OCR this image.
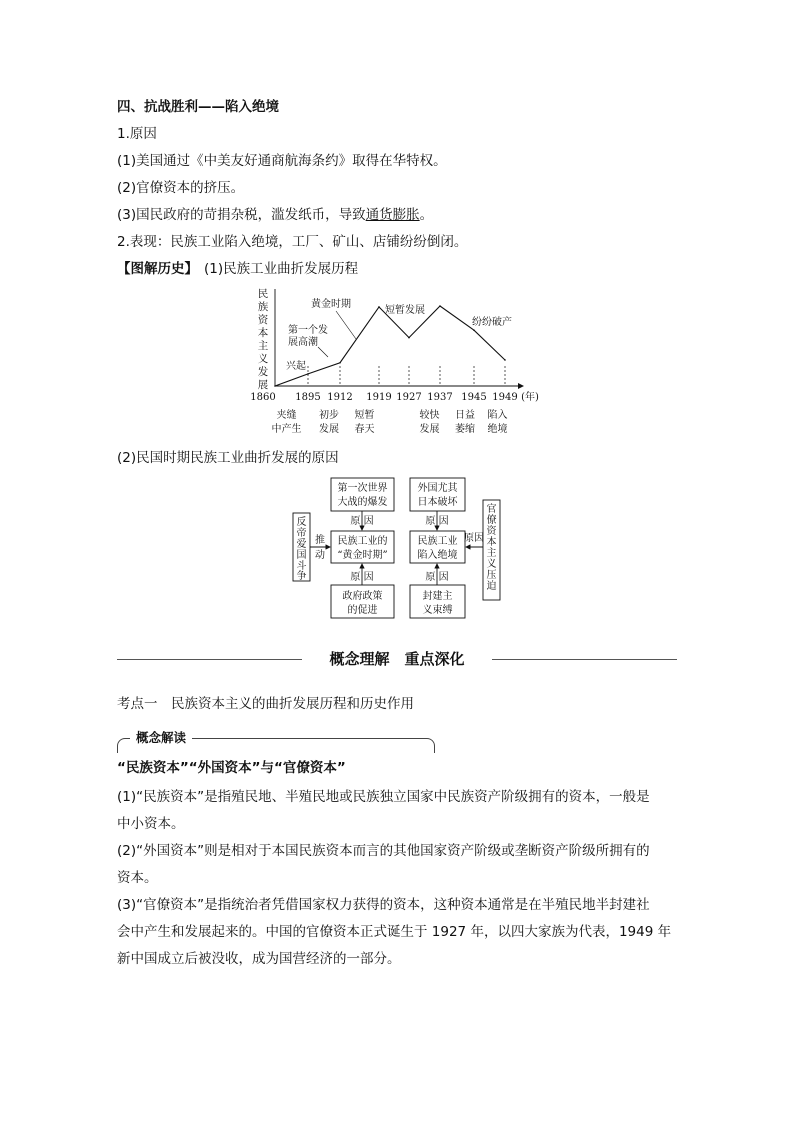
四、抗战胜利——陷入绝境
1.原因
(1)美国通过《中美友好通商航海条约》取得在华特权。
(2)官僚资本的挤压。
(3)国民政府的苛捐杂税，滥发纸币，导致通货膨胀。
2.表现：民族工业陷入绝境，工厂、矿山、店铺纷纷倒闭。
【图解历史】 (1)民族工业曲折发展历程
民
族
资
本
主
义
发
展
1860 1895 1912 1919 1927 1937 1945 1949 (年)
兴起
第一个发
展高潮
黄金时期
短暂发展
纷纷破产
夹缝
中产生
初步
发展
短暂
春天
较快
发展
日益
萎缩
陷入
绝境
(2)民国时期民族工业曲折发展的原因
反
帝
爱
国
斗
争
推
动
第一次世界
大战的爆发
原 因
民族工业的
“黄金时期”
原 因
政府政策
的促进
外国尤其
日本破坏
原 因
民族工业
陷入绝境
原 因
封建主
义束缚
原因
官
僚
资
本
主
义
压
迫
概念理解　重点深化
考点一　民族资本主义的曲折发展历程和历史作用
概念解读
“民族资本”“外国资本”与“官僚资本”
(1)“民族资本”是指殖民地、半殖民地或民族独立国家中民族资产阶级拥有的资本，一般是
中小资本。
(2)“外国资本”则是相对于本国民族资本而言的其他国家资产阶级或垄断资产阶级所拥有的
资本。
(3)“官僚资本”是指统治者凭借国家权力获得的资本，这种资本通常是在半殖民地半封建社
会中产生和发展起来的。中国的官僚资本正式诞生于 1927 年，以四大家族为代表，1949 年
新中国成立后被没收，成为国营经济的一部分。
